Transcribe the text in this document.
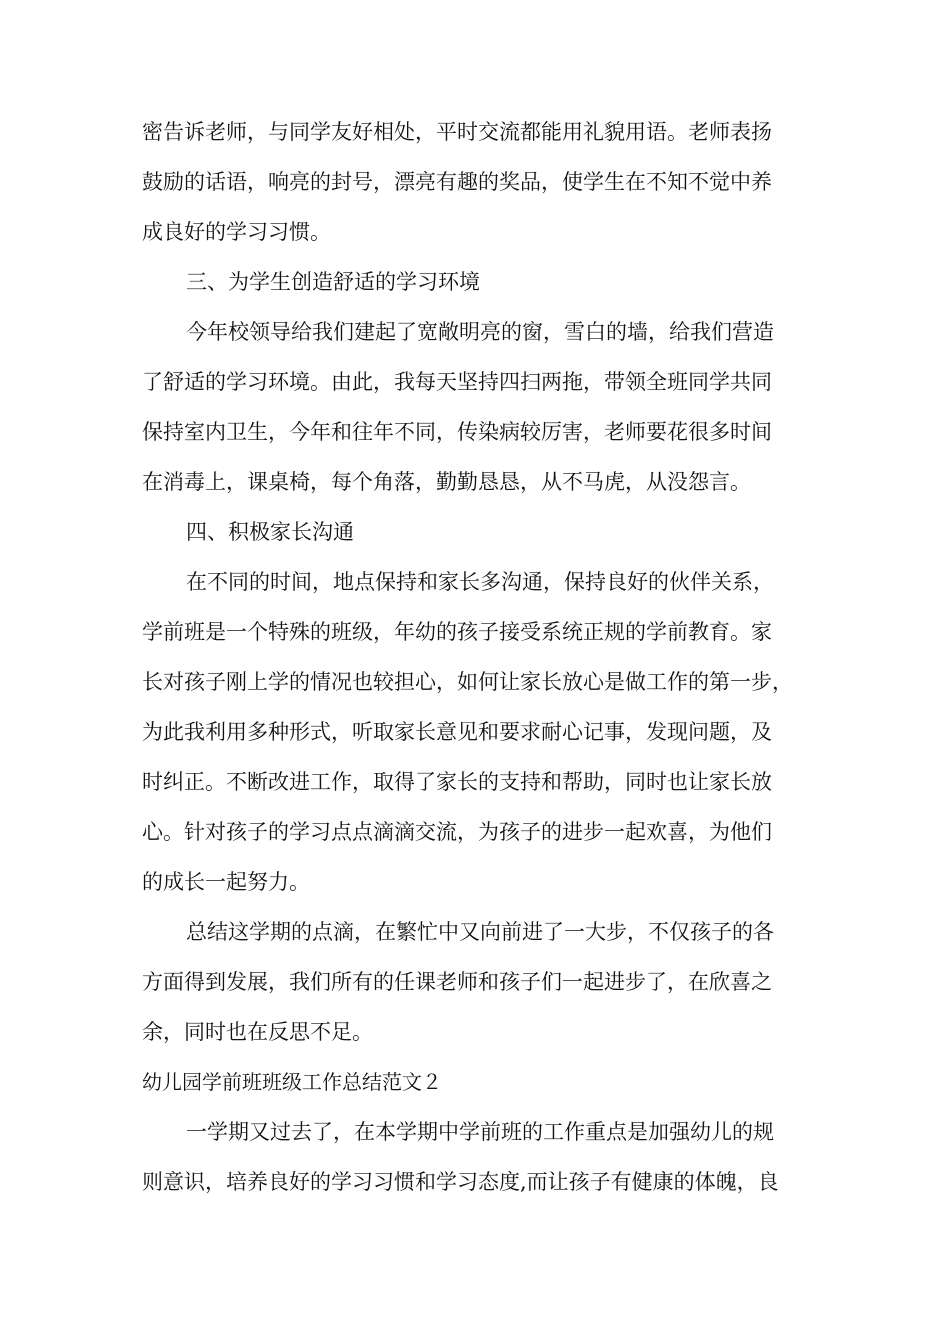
密告诉老师，与同学友好相处，平时交流都能用礼貌用语。老师表扬
鼓励的话语，响亮的封号，漂亮有趣的奖品，使学生在不知不觉中养
成良好的学习习惯。
三、为学生创造舒适的学习环境
今年校领导给我们建起了宽敞明亮的窗，雪白的墙，给我们营造
了舒适的学习环境。由此，我每天坚持四扫两拖，带领全班同学共同
保持室内卫生，今年和往年不同，传染病较厉害，老师要花很多时间
在消毒上，课桌椅，每个角落，勤勤恳恳，从不马虎，从没怨言。
四、积极家长沟通
在不同的时间，地点保持和家长多沟通，保持良好的伙伴关系，
学前班是一个特殊的班级，年幼的孩子接受系统正规的学前教育。家
长对孩子刚上学的情况也较担心，如何让家长放心是做工作的第一步，
为此我利用多种形式，听取家长意见和要求耐心记事，发现问题，及
时纠正。不断改进工作，取得了家长的支持和帮助，同时也让家长放
心。针对孩子的学习点点滴滴交流，为孩子的进步一起欢喜，为他们
的成长一起努力。
总结这学期的点滴，在繁忙中又向前进了一大步，不仅孩子的各
方面得到发展，我们所有的任课老师和孩子们一起进步了，在欣喜之
余，同时也在反思不足。
幼儿园学前班班级工作总结范文２
一学期又过去了，在本学期中学前班的工作重点是加强幼儿的规
则意识，培养良好的学习习惯和学习态度,而让孩子有健康的体魄，良
